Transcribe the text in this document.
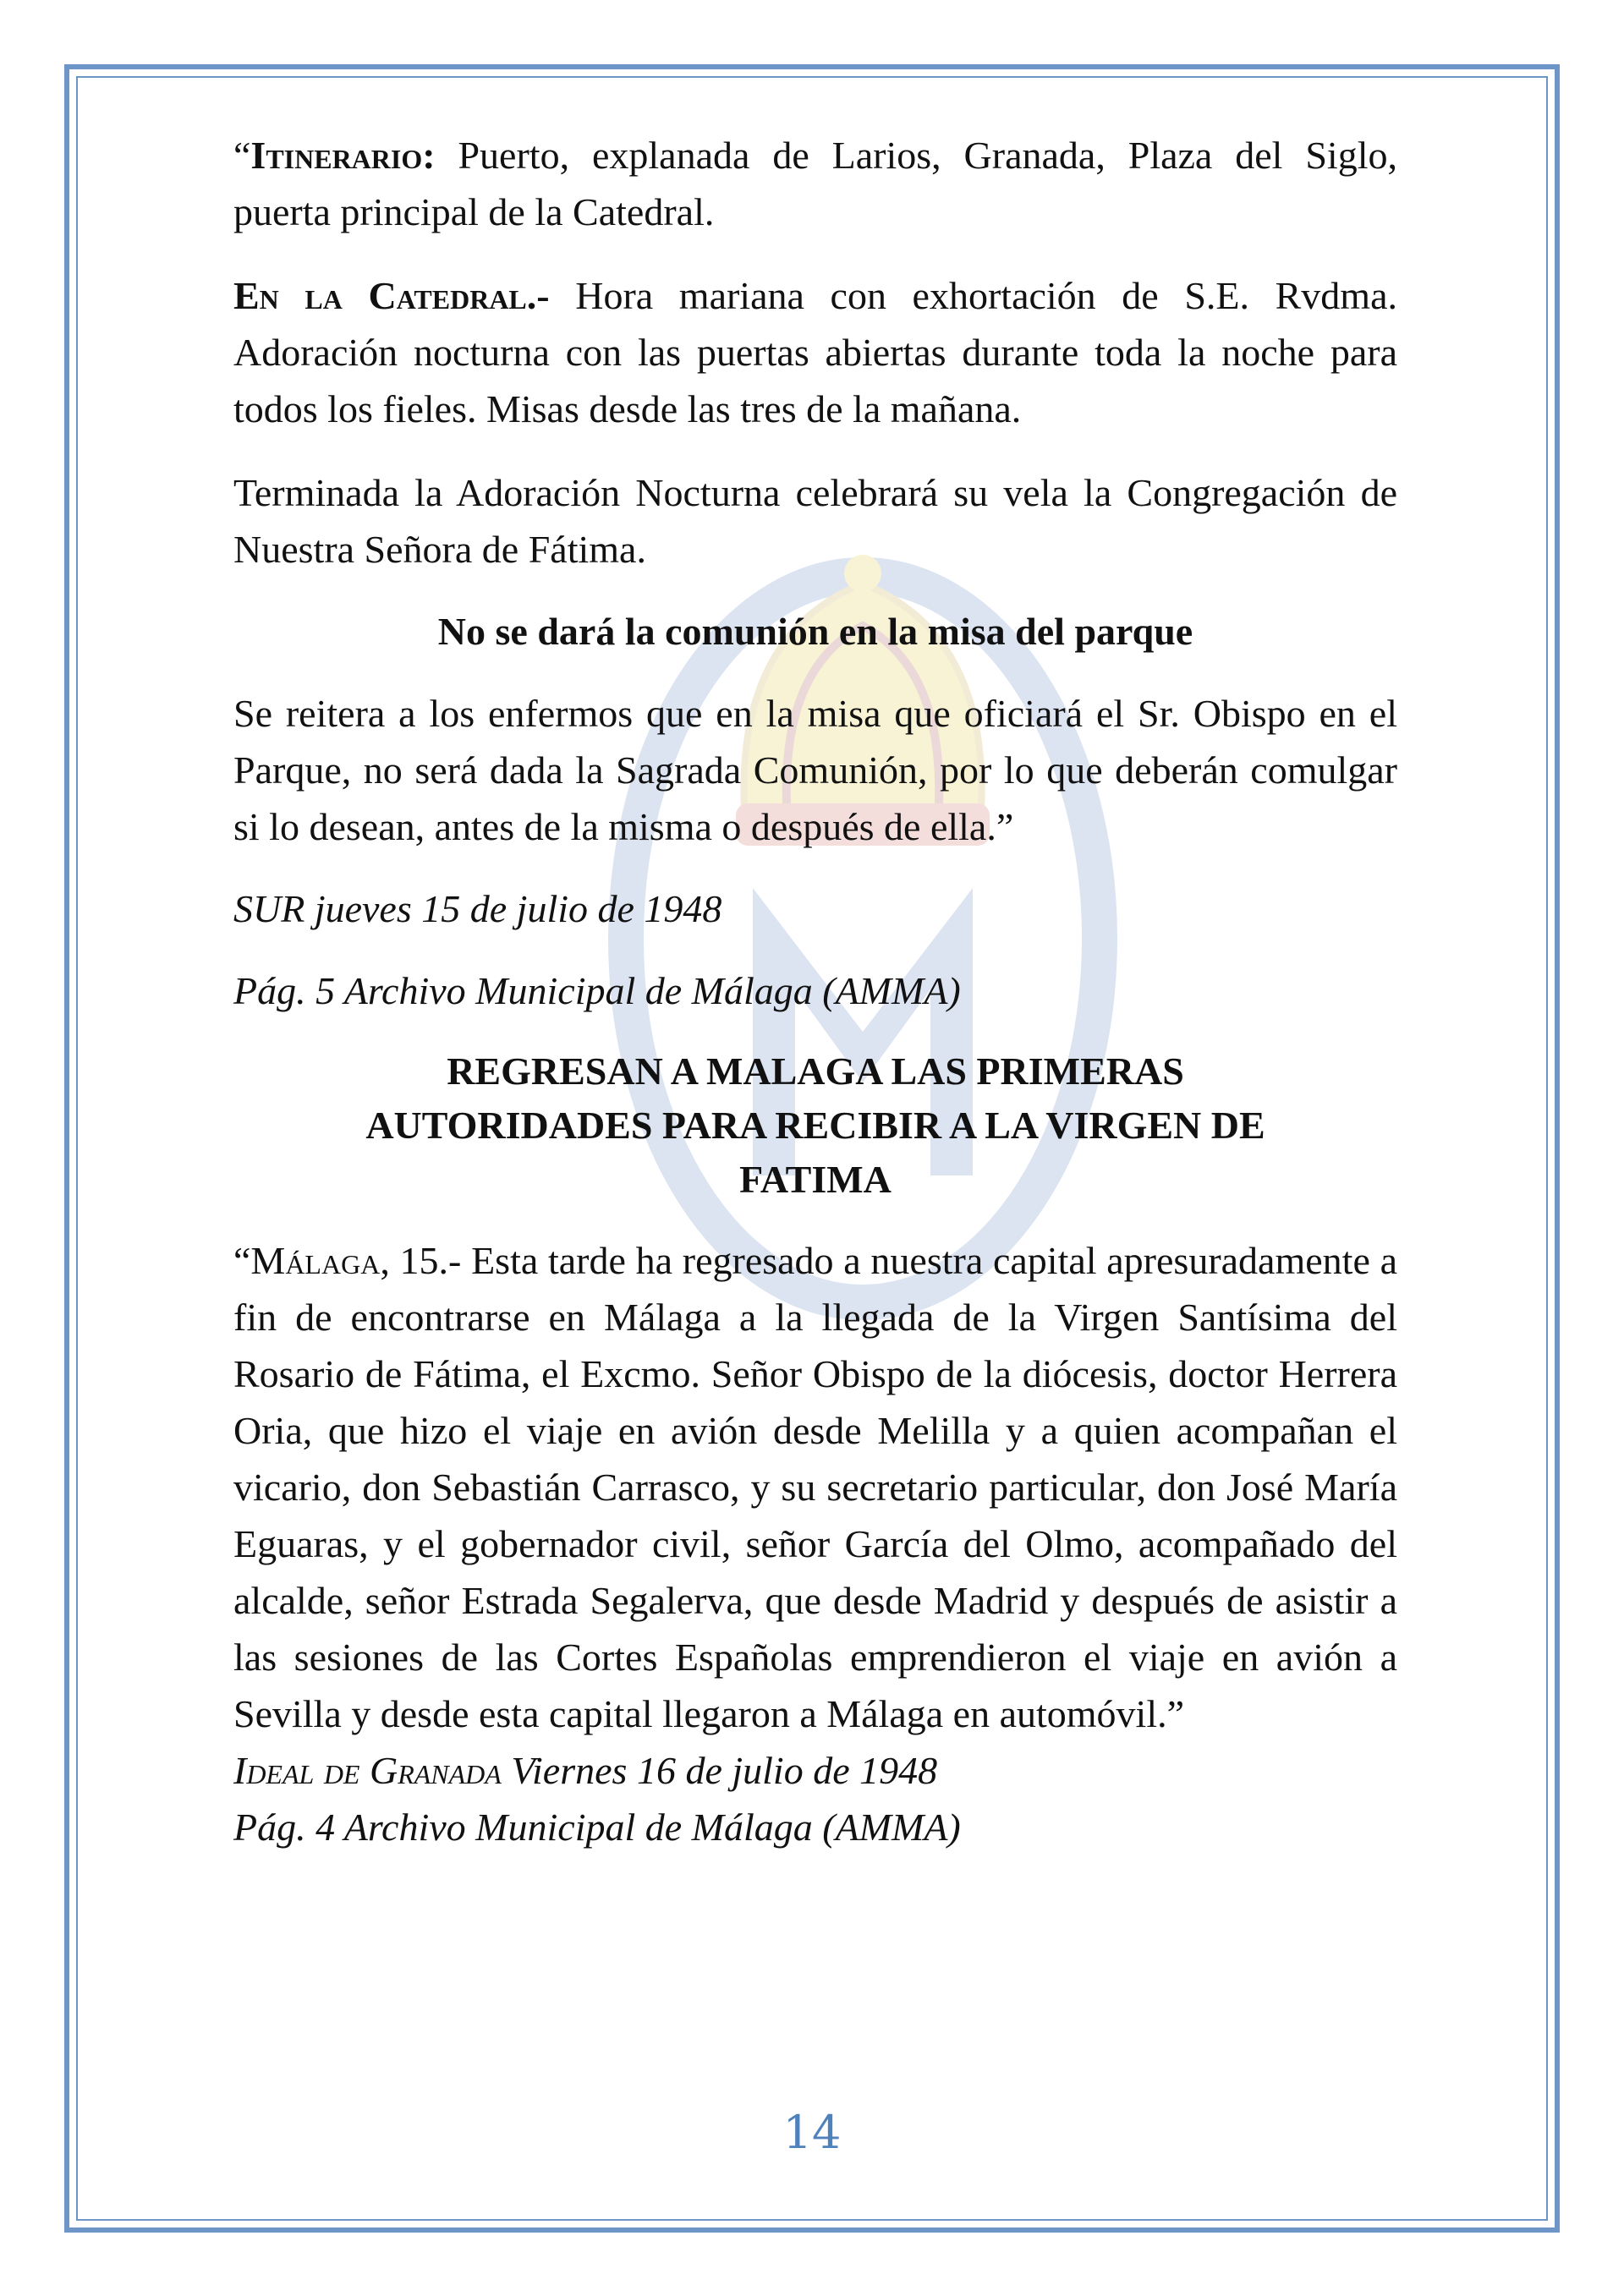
“Itinerario: Puerto, explanada de Larios, Granada, Plaza del Siglo, puerta principal de la Catedral.

En la Catedral.- Hora mariana con exhortación de S.E. Rvdma. Adoración nocturna con las puertas abiertas durante toda la noche para todos los fieles. Misas desde las tres de la mañana.

Terminada la Adoración Nocturna celebrará su vela la Congregación de Nuestra Señora de Fátima.

No se dará la comunión en la misa del parque

Se reitera a los enfermos que en la misa que oficiará el Sr. Obispo en el Parque, no será dada la Sagrada Comunión, por lo que deberán comulgar si lo desean, antes de la misma o después de ella.”

SUR jueves 15 de julio de 1948

Pág. 5 Archivo Municipal de Málaga (AMMA)

REGRESAN A MALAGA LAS PRIMERAS
AUTORIDADES PARA RECIBIR A LA VIRGEN DE
FATIMA

“Málaga, 15.- Esta tarde ha regresado a nuestra capital apresuradamente a fin de encontrarse en Málaga a la llegada de la Virgen Santísima del Rosario de Fátima, el Excmo. Señor Obispo de la diócesis, doctor Herrera Oria, que hizo el viaje en avión desde Melilla y a quien acompañan el vicario, don Sebastián Carrasco, y su secretario particular, don José María Eguaras, y el gobernador civil, señor García del Olmo, acompañado del alcalde, señor Estrada Segalerva, que desde Madrid y después de asistir a las sesiones de las Cortes Españolas emprendieron el viaje en avión a Sevilla y desde esta capital llegaron a Málaga en automóvil.”

Ideal de Granada Viernes 16 de julio de 1948

Pág. 4 Archivo Municipal de Málaga (AMMA)

14
